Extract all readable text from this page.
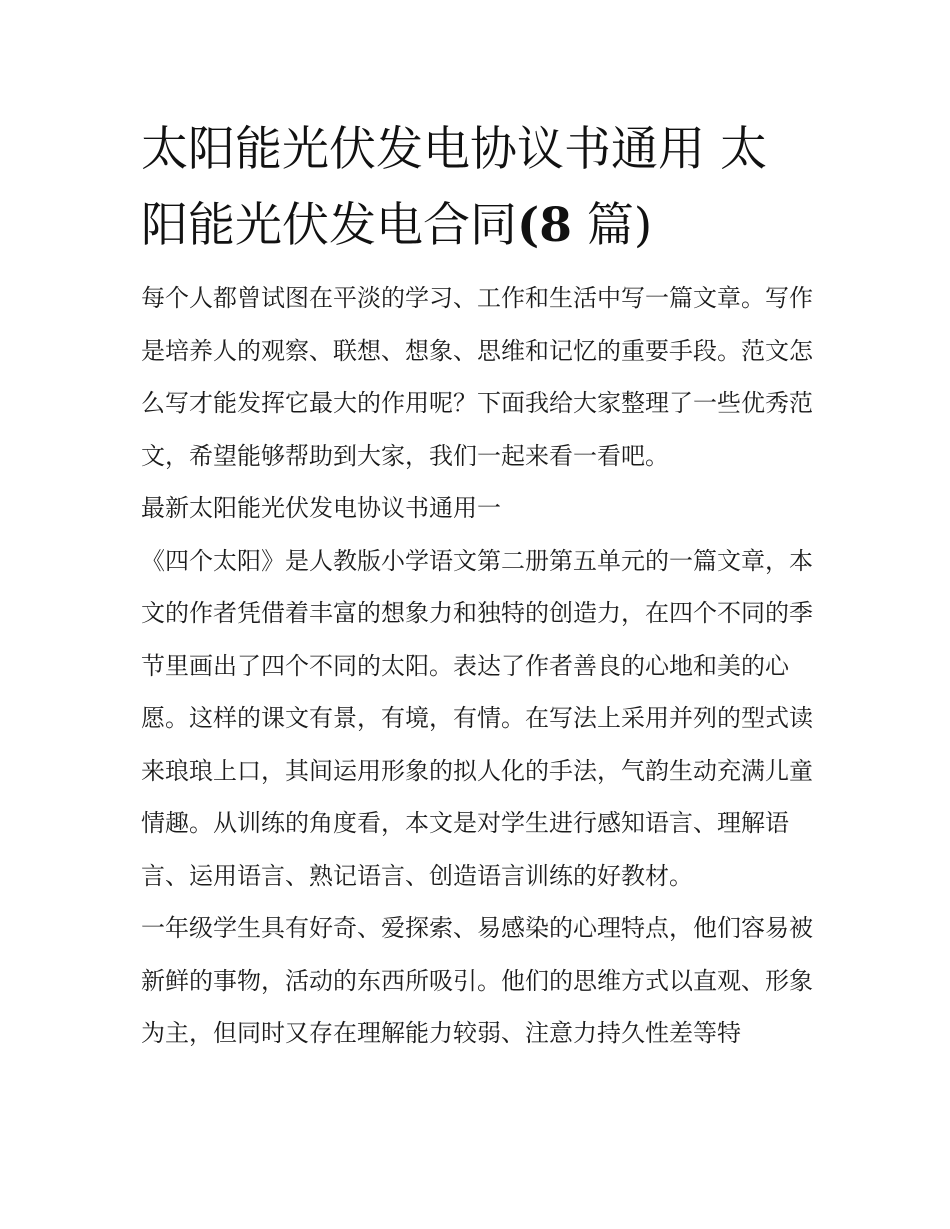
太阳能光伏发电协议书通用 太阳能光伏发电合同(8 篇)

每个人都曾试图在平淡的学习、工作和生活中写一篇文章。写作是培养人的观察、联想、想象、思维和记忆的重要手段。范文怎么写才能发挥它最大的作用呢？下面我给大家整理了一些优秀范文，希望能够帮助到大家，我们一起来看一看吧。

最新太阳能光伏发电协议书通用一

《四个太阳》是人教版小学语文第二册第五单元的一篇文章，本文的作者凭借着丰富的想象力和独特的创造力，在四个不同的季节里画出了四个不同的太阳。表达了作者善良的心地和美的心愿。这样的课文有景，有境，有情。在写法上采用并列的型式读来琅琅上口，其间运用形象的拟人化的手法，气韵生动充满儿童情趣。从训练的角度看，本文是对学生进行感知语言、理解语言、运用语言、熟记语言、创造语言训练的好教材。

一年级学生具有好奇、爱探索、易感染的心理特点，他们容易被新鲜的事物，活动的东西所吸引。他们的思维方式以直观、形象为主，但同时又存在理解能力较弱、注意力持久性差等特
